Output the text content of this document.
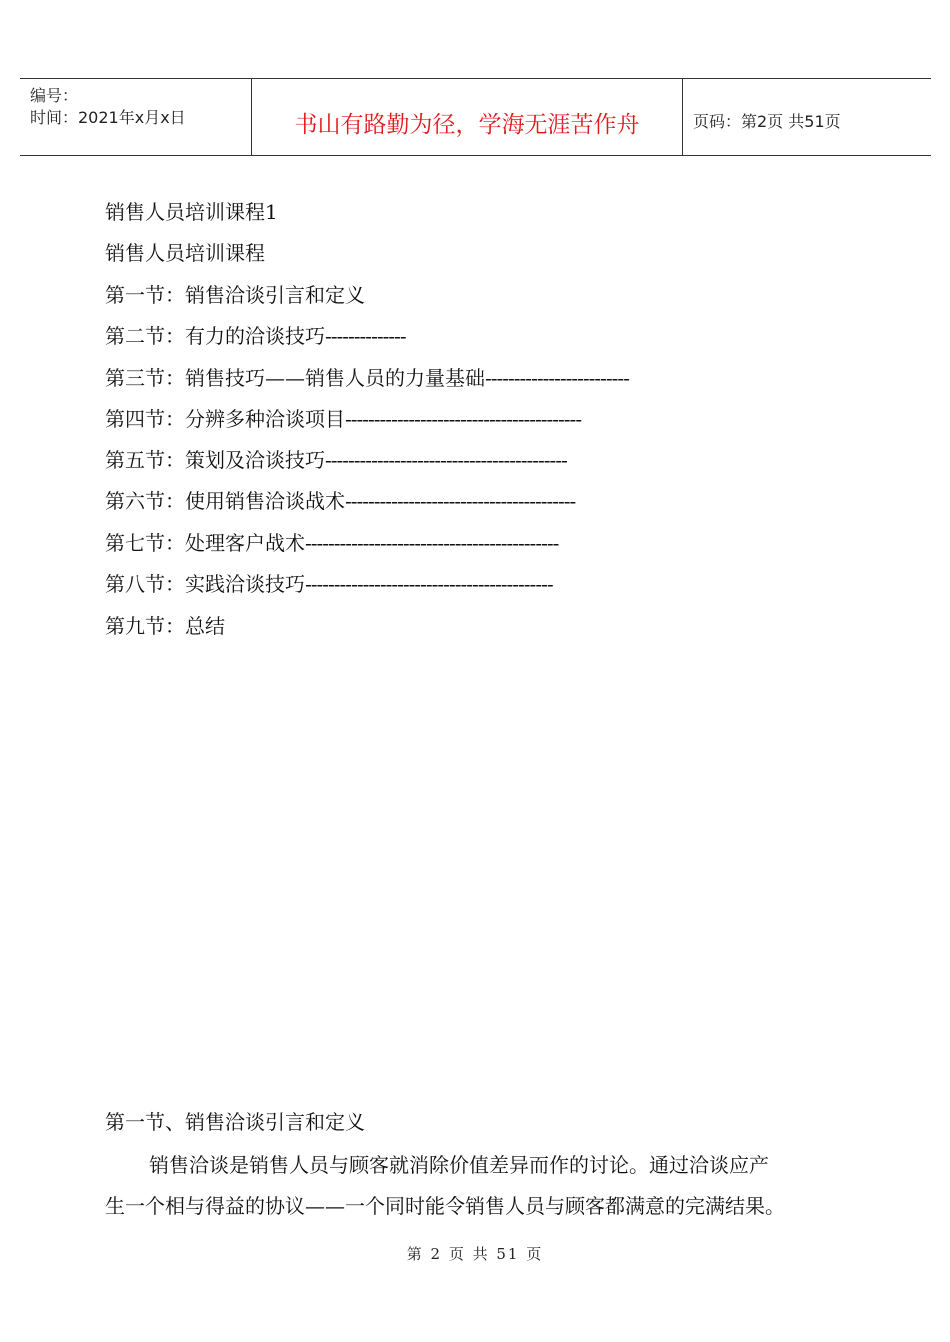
编号：
时间：2021年x月x日	书山有路勤为径，学海无涯苦作舟	页码：第2页 共51页
销售人员培训课程1
销售人员培训课程
第一节：销售洽谈引言和定义
第二节：有力的洽谈技巧--------------
第三节：销售技巧——销售人员的力量基础-------------------------
第四节：分辨多种洽谈项目-----------------------------------------
第五节：策划及洽谈技巧------------------------------------------
第六节：使用销售洽谈战术----------------------------------------
第七节：处理客户战术--------------------------------------------
第八节：实践洽谈技巧-------------------------------------------
第九节：总结
第一节、销售洽谈引言和定义
销售洽谈是销售人员与顾客就消除价值差异而作的讨论。通过洽谈应产
生一个相与得益的协议——一个同时能令销售人员与顾客都满意的完满结果。
第 2 页 共 51 页
